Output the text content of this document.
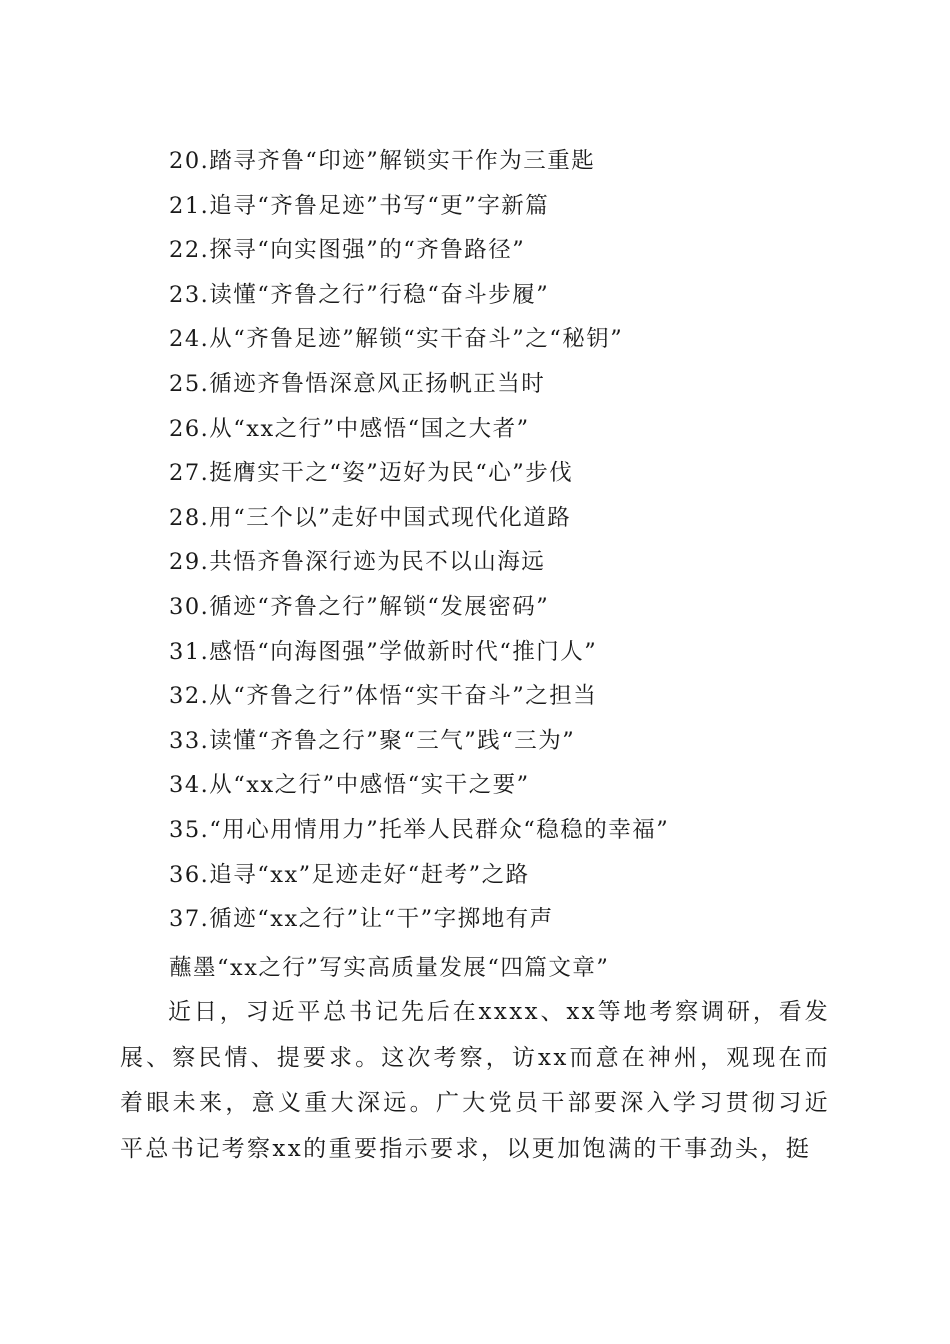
20.踏寻齐鲁“印迹”解锁实干作为三重匙
21.追寻“齐鲁足迹”书写“更”字新篇
22.探寻“向实图强”的“齐鲁路径”
23.读懂“齐鲁之行”行稳“奋斗步履”
24.从“齐鲁足迹”解锁“实干奋斗”之“秘钥”
25.循迹齐鲁悟深意风正扬帆正当时
26.从“xx之行”中感悟“国之大者”
27.挺膺实干之“姿”迈好为民“心”步伐
28.用“三个以”走好中国式现代化道路
29.共悟齐鲁深行迹为民不以山海远
30.循迹“齐鲁之行”解锁“发展密码”
31.感悟“向海图强”学做新时代“推门人”
32.从“齐鲁之行”体悟“实干奋斗”之担当
33.读懂“齐鲁之行”聚“三气”践“三为”
34.从“xx之行”中感悟“实干之要”
35.“用心用情用力”托举人民群众“稳稳的幸福”
36.追寻“xx”足迹走好“赶考”之路
37.循迹“xx之行”让“干”字掷地有声
蘸墨“xx之行”写实高质量发展“四篇文章”

近日，习近平总书记先后在xxxx、xx等地考察调研，看发展、察民情、提要求。这次考察，访xx而意在神州，观现在而着眼未来，意义重大深远。广大党员干部要深入学习贯彻习近平总书记考察xx的重要指示要求，以更加饱满的干事劲头，挺
